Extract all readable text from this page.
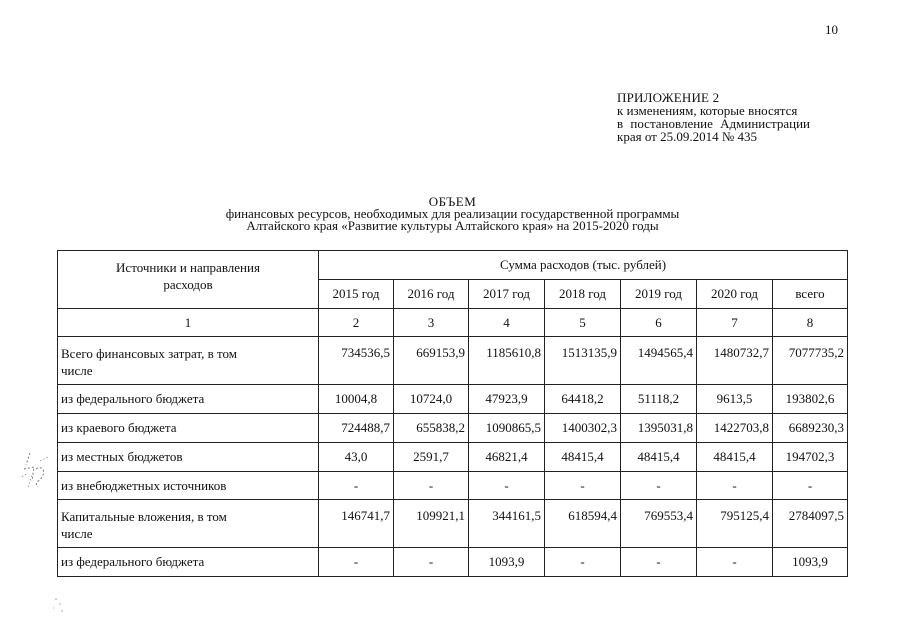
10
ПРИЛОЖЕНИЕ 2
к изменениям, которые вносятся
в постановление Администрации
края от 25.09.2014 № 435
ОБЪЕМ
финансовых ресурсов, необходимых для реализации государственной программы
Алтайского края «Развитие культуры Алтайского края» на 2015-2020 годы
Источники и направления расходов	Сумма расходов (тыс. рублей)						
	2015 год	2016 год	2017 год	2018 год	2019 год	2020 год	всего
1	2	3	4	5	6	7	8

Всего финансовых затрат, в том числе	734536,5	669153,9	1185610,8	1513135,9	1494565,4	1480732,7	7077735,2
из федерального бюджета	10004,8	10724,0	47923,9	64418,2	51118,2	9613,5	193802,6
из краевого бюджета	724488,7	655838,2	1090865,5	1400302,3	1395031,8	1422703,8	6689230,3
из местных бюджетов	43,0	2591,7	46821,4	48415,4	48415,4	48415,4	194702,3
из внебюджетных источников	-	-	-	-	-	-	-

Капитальные вложения, в том числе	146741,7	109921,1	344161,5	618594,4	769553,4	795125,4	2784097,5
из федерального бюджета	-	-	1093,9	-	-	-	1093,9
